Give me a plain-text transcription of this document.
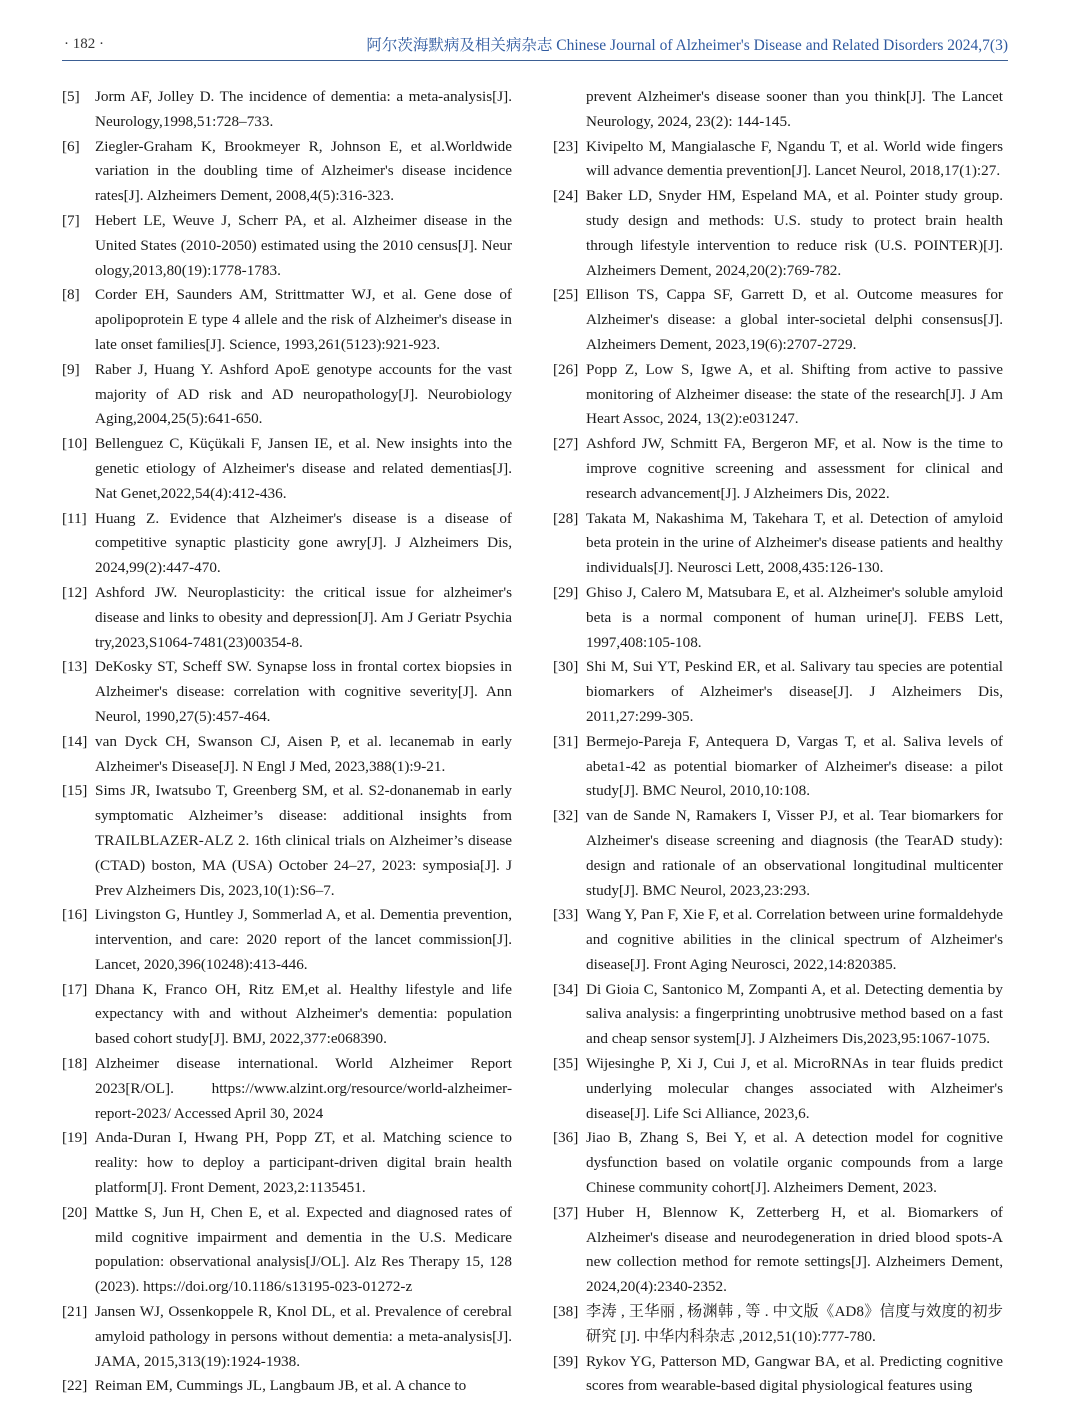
· 182 ·	阿尔茨海默病及相关病杂志 Chinese Journal of Alzheimer's Disease and Related Disorders 2024,7(3)
[5] Jorm AF, Jolley D. The incidence of dementia: a meta-analysis[J]. Neurology,1998,51:728–733.
[6] Ziegler-Graham K, Brookmeyer R, Johnson E, et al.Worldwide variation in the doubling time of Alzheimer's disease incidence rates[J]. Alzheimers Dement, 2008,4(5):316-323.
[7] Hebert LE, Weuve J, Scherr PA, et al. Alzheimer disease in the United States (2010-2050) estimated using the 2010 census[J]. Neur ology,2013,80(19):1778-1783.
[8] Corder EH, Saunders AM, Strittmatter WJ, et al. Gene dose of apolipoprotein E type 4 allele and the risk of Alzheimer's disease in late onset families[J]. Science, 1993,261(5123):921-923.
[9] Raber J, Huang Y. Ashford ApoE genotype accounts for the vast majority of AD risk and AD neuropathology[J]. Neurobiology Aging,2004,25(5):641-650.
[10] Bellenguez C, Küçükali F, Jansen IE, et al. New insights into the genetic etiology of Alzheimer's disease and related dementias[J]. Nat Genet,2022,54(4):412-436.
[11] Huang Z. Evidence that Alzheimer's disease is a disease of competitive synaptic plasticity gone awry[J]. J Alzheimers Dis, 2024,99(2):447-470.
[12] Ashford JW. Neuroplasticity: the critical issue for alzheimer's disease and links to obesity and depression[J]. Am J Geriatr Psychia try,2023,S1064-7481(23)00354-8.
[13] DeKosky ST, Scheff SW. Synapse loss in frontal cortex biopsies in Alzheimer's disease: correlation with cognitive severity[J]. Ann Neurol, 1990,27(5):457-464.
[14] van Dyck CH, Swanson CJ, Aisen P, et al. lecanemab in early Alzheimer's Disease[J]. N Engl J Med, 2023,388(1):9-21.
[15] Sims JR, Iwatsubo T, Greenberg SM, et al. S2-donanemab in early symptomatic Alzheimer’s disease: additional insights from TRAILBLAZER-ALZ 2. 16th clinical trials on Alzheimer’s disease (CTAD) boston, MA (USA) October 24–27, 2023: symposia[J]. J Prev Alzheimers Dis, 2023,10(1):S6–7.
[16] Livingston G, Huntley J, Sommerlad A, et al. Dementia prevention, intervention, and care: 2020 report of the lancet commission[J]. Lancet, 2020,396(10248):413-446.
[17] Dhana K, Franco OH, Ritz EM,et al. Healthy lifestyle and life expectancy with and without Alzheimer's dementia: population based cohort study[J]. BMJ, 2022,377:e068390.
[18] Alzheimer disease international. World Alzheimer Report 2023[R/OL]. https://www.alzint.org/resource/world-alzheimer-report-2023/ Accessed April 30, 2024
[19] Anda-Duran I, Hwang PH, Popp ZT, et al. Matching science to reality: how to deploy a participant-driven digital brain health platform[J]. Front Dement, 2023,2:1135451.
[20] Mattke S, Jun H, Chen E, et al. Expected and diagnosed rates of mild cognitive impairment and dementia in the U.S. Medicare population: observational analysis[J/OL]. Alz Res Therapy 15, 128 (2023). https://doi.org/10.1186/s13195-023-01272-z
[21] Jansen WJ, Ossenkoppele R, Knol DL, et al. Prevalence of cerebral amyloid pathology in persons without dementia: a meta-analysis[J]. JAMA, 2015,313(19):1924-1938.
[22] Reiman EM, Cummings JL, Langbaum JB, et al. A chance to
prevent Alzheimer's disease sooner than you think[J]. The Lancet Neurology, 2024, 23(2): 144-145.
[23] Kivipelto M, Mangialasche F, Ngandu T, et al. World wide fingers will advance dementia prevention[J]. Lancet Neurol, 2018,17(1):27.
[24] Baker LD, Snyder HM, Espeland MA, et al. Pointer study group. study design and methods: U.S. study to protect brain health through lifestyle intervention to reduce risk (U.S. POINTER)[J]. Alzheimers Dement, 2024,20(2):769-782.
[25] Ellison TS, Cappa SF, Garrett D, et al. Outcome measures for Alzheimer's disease: a global inter-societal delphi consensus[J]. Alzheimers Dement, 2023,19(6):2707-2729.
[26] Popp Z, Low S, Igwe A, et al. Shifting from active to passive monitoring of Alzheimer disease: the state of the research[J]. J Am Heart Assoc, 2024, 13(2):e031247.
[27] Ashford JW, Schmitt FA, Bergeron MF, et al. Now is the time to improve cognitive screening and assessment for clinical and research advancement[J]. J Alzheimers Dis, 2022.
[28] Takata M, Nakashima M, Takehara T, et al. Detection of amyloid beta protein in the urine of Alzheimer's disease patients and healthy individuals[J]. Neurosci Lett, 2008,435:126-130.
[29] Ghiso J, Calero M, Matsubara E, et al. Alzheimer's soluble amyloid beta is a normal component of human urine[J]. FEBS Lett, 1997,408:105-108.
[30] Shi M, Sui YT, Peskind ER, et al. Salivary tau species are potential biomarkers of Alzheimer's disease[J]. J Alzheimers Dis, 2011,27:299-305.
[31] Bermejo-Pareja F, Antequera D, Vargas T, et al. Saliva levels of abeta1-42 as potential biomarker of Alzheimer's disease: a pilot study[J]. BMC Neurol, 2010,10:108.
[32] van de Sande N, Ramakers I, Visser PJ, et al. Tear biomarkers for Alzheimer's disease screening and diagnosis (the TearAD study): design and rationale of an observational longitudinal multicenter study[J]. BMC Neurol, 2023,23:293.
[33] Wang Y, Pan F, Xie F, et al. Correlation between urine formaldehyde and cognitive abilities in the clinical spectrum of Alzheimer's disease[J]. Front Aging Neurosci, 2022,14:820385.
[34] Di Gioia C, Santonico M, Zompanti A, et al. Detecting dementia by saliva analysis: a fingerprinting unobtrusive method based on a fast and cheap sensor system[J]. J Alzheimers Dis,2023,95:1067-1075.
[35] Wijesinghe P, Xi J, Cui J, et al. MicroRNAs in tear fluids predict underlying molecular changes associated with Alzheimer's disease[J]. Life Sci Alliance, 2023,6.
[36] Jiao B, Zhang S, Bei Y, et al. A detection model for cognitive dysfunction based on volatile organic compounds from a large Chinese community cohort[J]. Alzheimers Dement, 2023.
[37] Huber H, Blennow K, Zetterberg H, et al. Biomarkers of Alzheimer's disease and neurodegeneration in dried blood spots-A new collection method for remote settings[J]. Alzheimers Dement, 2024,20(4):2340-2352.
[38] 李涛 , 王华丽 , 杨渊韩 , 等 . 中文版《AD8》信度与效度的初步研究 [J]. 中华内科杂志 ,2012,51(10):777-780.
[39] Rykov YG, Patterson MD, Gangwar BA, et al. Predicting cognitive scores from wearable-based digital physiological features using
